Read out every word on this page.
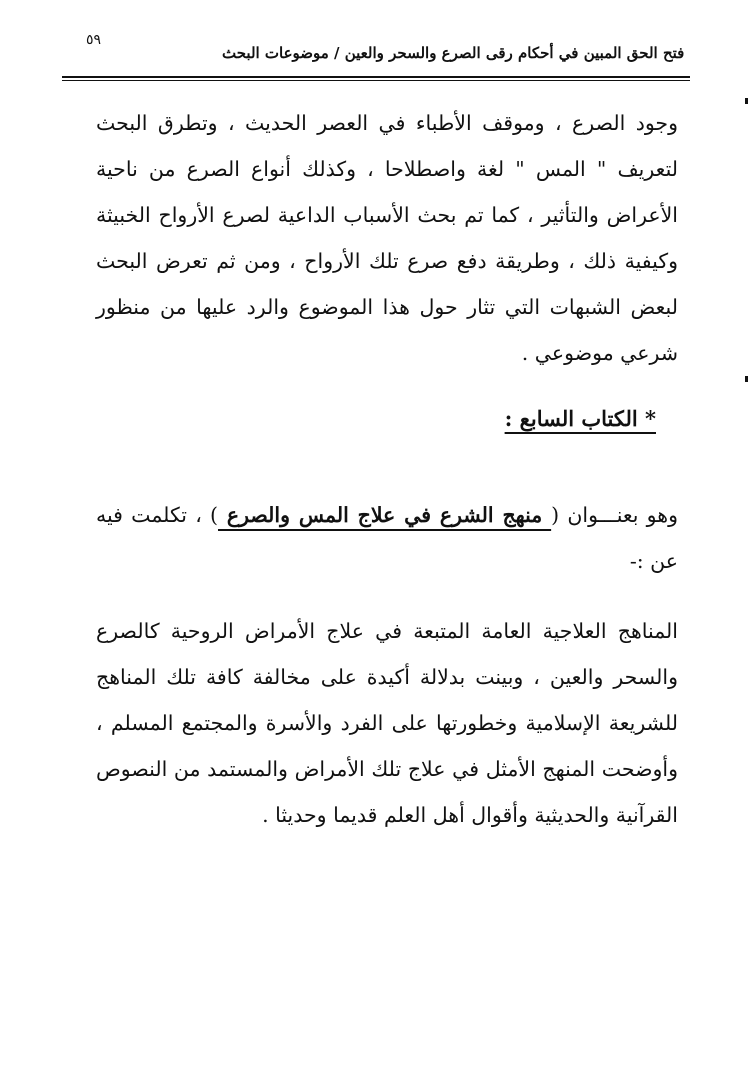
٥٩
فتح الحق المبين في أحكام رقى الصرع والسحر والعين / موضوعات البحث

وجود الصرع ، وموقف الأطباء في العصر الحديث ، وتطرق البحث لتعريف " المس " لغة واصطلاحا ، وكذلك أنواع الصرع من ناحية الأعراض والتأثير ، كما تم بحث الأسباب الداعية لصرع الأرواح الخبيثة وكيفية ذلك ، وطريقة دفع صرع تلك الأرواح ، ومن ثم تعرض البحث لبعض الشبهات التي تثار حول هذا الموضوع والرد عليها من منظور شرعي موضوعي .

* الكتاب السابع :

وهو بعنـــوان ( منهج الشرع في علاج المس والصرع ) ، تكلمت فيه عن :-

المناهج العلاجية العامة المتبعة في علاج الأمراض الروحية كالصرع والسحر والعين ، وبينت بدلالة أكيدة على مخالفة كافة تلك المناهج للشريعة الإسلامية وخطورتها على الفرد والأسرة والمجتمع المسلم ، وأوضحت المنهج الأمثل في علاج تلك الأمراض والمستمد من النصوص القرآنية والحديثية وأقوال أهل العلم قديما وحديثا .
